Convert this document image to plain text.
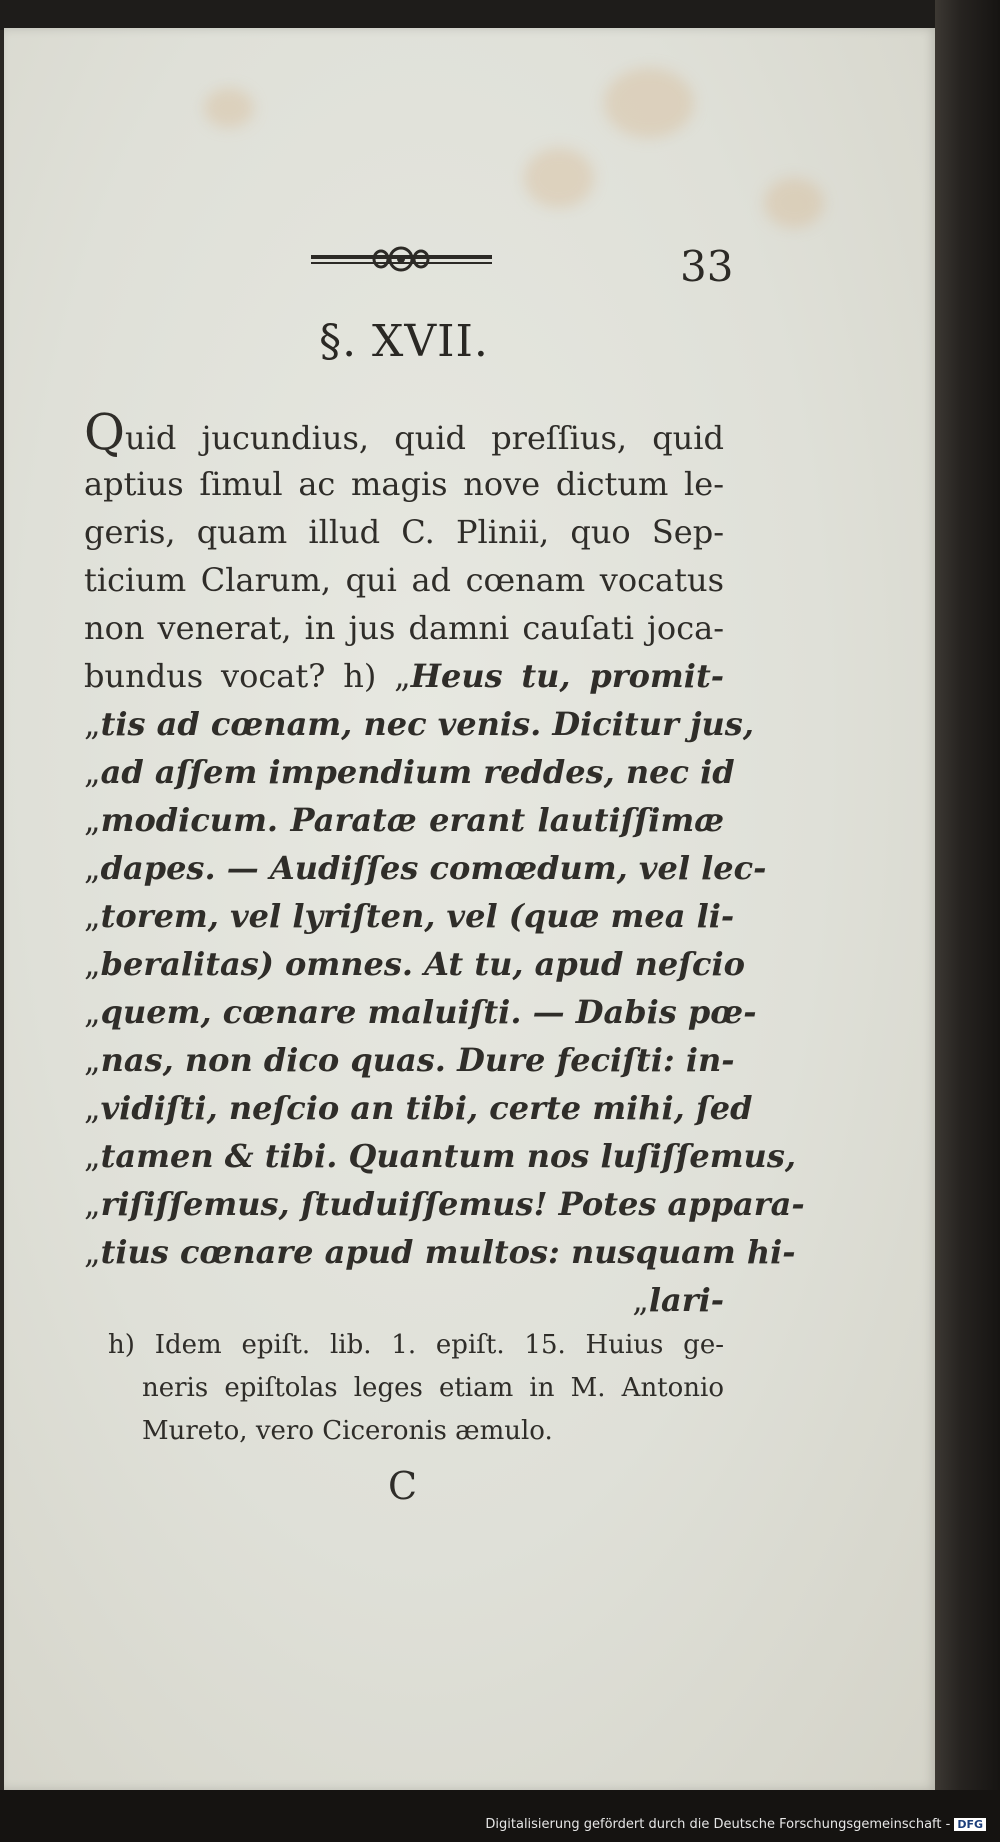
33
§. XVII.
Quid jucundius, quid preſſius, quid
aptius ſimul ac magis nove dictum le-
geris, quam illud C. Plinii, quo Sep-
ticium Clarum, qui ad cœnam vocatus
non venerat, in jus damni cauſati joca-
bundus vocat? h) „Heus tu, promit-
„tis ad cœnam, nec venis. Dicitur jus,
„ad aſſem impendium reddes, nec id
„modicum. Paratæ erant lautiſſimæ
„dapes. — Audiſſes comœdum, vel lec-
„torem, vel lyriſten, vel (quæ mea li-
„beralitas) omnes. At tu, apud neſcio
„quem, cœnare maluiſti. — Dabis pœ-
„nas, non dico quas. Dure feciſti: in-
„vidiſti, neſcio an tibi, certe mihi, ſed
„tamen & tibi. Quantum nos luſiſſemus,
„riſiſſemus, ſtuduiſſemus! Potes appara-
„tius cœnare apud multos: nusquam hi-
„lari-
h) Idem epiſt. lib. 1. epiſt. 15. Huius ge-
neris epiſtolas leges etiam in M. Antonio
Mureto, vero Ciceronis æmulo.
C
Digitalisierung gefördert durch die Deutsche Forschungsgemeinschaft - DFG
